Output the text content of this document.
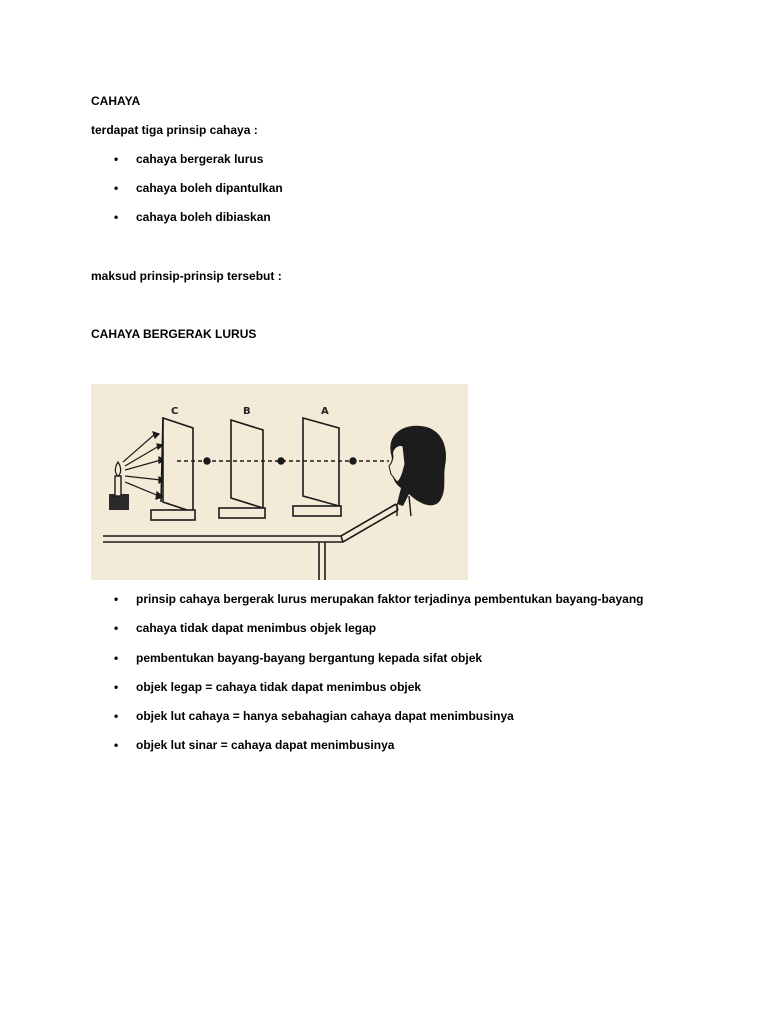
CAHAYA
terdapat tiga prinsip cahaya :
• cahaya bergerak lurus
• cahaya boleh dipantulkan
• cahaya boleh dibiaskan
maksud prinsip-prinsip tersebut :
CAHAYA BERGERAK LURUS
C	B	A
• prinsip cahaya bergerak lurus merupakan faktor terjadinya pembentukan bayang-bayang
• cahaya tidak dapat menimbus objek legap
• pembentukan bayang-bayang bergantung kepada sifat objek
• objek legap = cahaya tidak dapat menimbus objek
• objek lut cahaya = hanya sebahagian cahaya dapat menimbusinya
• objek lut sinar = cahaya dapat menimbusinya
